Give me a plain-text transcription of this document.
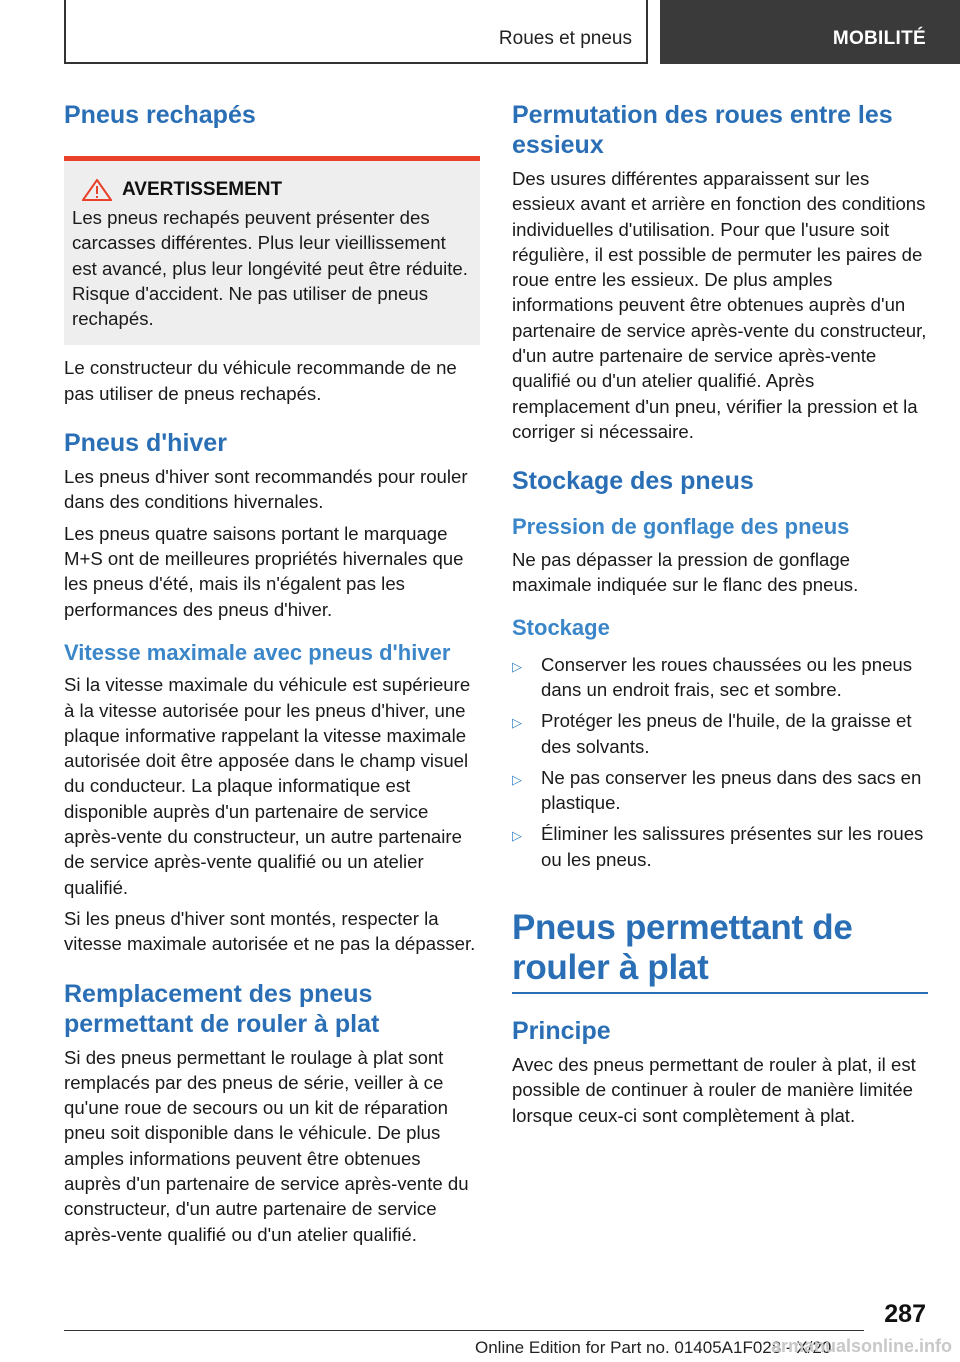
Roues et pneus	MOBILITÉ
Pneus rechapés
AVERTISSEMENT

Les pneus rechapés peuvent présenter des carcasses différentes. Plus leur vieillissement est avancé, plus leur longévité peut être réduite. Risque d'accident. Ne pas utiliser de pneus rechapés.

Le constructeur du véhicule recommande de ne pas utiliser de pneus rechapés.

Pneus d'hiver

Les pneus d'hiver sont recommandés pour rouler dans des conditions hivernales.

Les pneus quatre saisons portant le marquage M+S ont de meilleures propriétés hivernales que les pneus d'été, mais ils n'égalent pas les performances des pneus d'hiver.

Vitesse maximale avec pneus d'hiver

Si la vitesse maximale du véhicule est supérieure à la vitesse autorisée pour les pneus d'hiver, une plaque informative rappelant la vitesse maximale autorisée doit être apposée dans le champ visuel du conducteur. La plaque informatique est disponible auprès d'un partenaire de service après-vente du constructeur, un autre partenaire de service après-vente qualifié ou un atelier qualifié.

Si les pneus d'hiver sont montés, respecter la vitesse maximale autorisée et ne pas la dépasser.

Remplacement des pneus permettant de rouler à plat

Si des pneus permettant le roulage à plat sont remplacés par des pneus de série, veiller à ce qu'une roue de secours ou un kit de réparation pneu soit disponible dans le véhicule. De plus amples informations peuvent être obtenues auprès d'un partenaire de service après-vente du constructeur, d'un autre partenaire de service après-vente qualifié ou d'un atelier qualifié.

Permutation des roues entre les essieux

Des usures différentes apparaissent sur les essieux avant et arrière en fonction des conditions individuelles d'utilisation. Pour que l'usure soit régulière, il est possible de permuter les paires de roue entre les essieux. De plus amples informations peuvent être obtenues auprès d'un partenaire de service après-vente du constructeur, d'un autre partenaire de service après-vente qualifié ou d'un atelier qualifié. Après remplacement d'un pneu, vérifier la pression et la corriger si nécessaire.

Stockage des pneus
Pression de gonflage des pneus

Ne pas dépasser la pression de gonflage maximale indiquée sur le flanc des pneus.

Stockage
▷	Conserver les roues chaussées ou les pneus dans un endroit frais, sec et sombre.
▷	Protéger les pneus de l'huile, de la graisse et des solvants.
▷	Ne pas conserver les pneus dans des sacs en plastique.
▷	Éliminer les salissures présentes sur les roues ou les pneus.
Pneus permettant de rouler à plat
Principe

Avec des pneus permettant de rouler à plat, il est possible de continuer à rouler de manière limitée lorsque ceux-ci sont complètement à plat.

287
Online Edition for Part no. 01405A1F028 - X/20
armanualsonline.info
